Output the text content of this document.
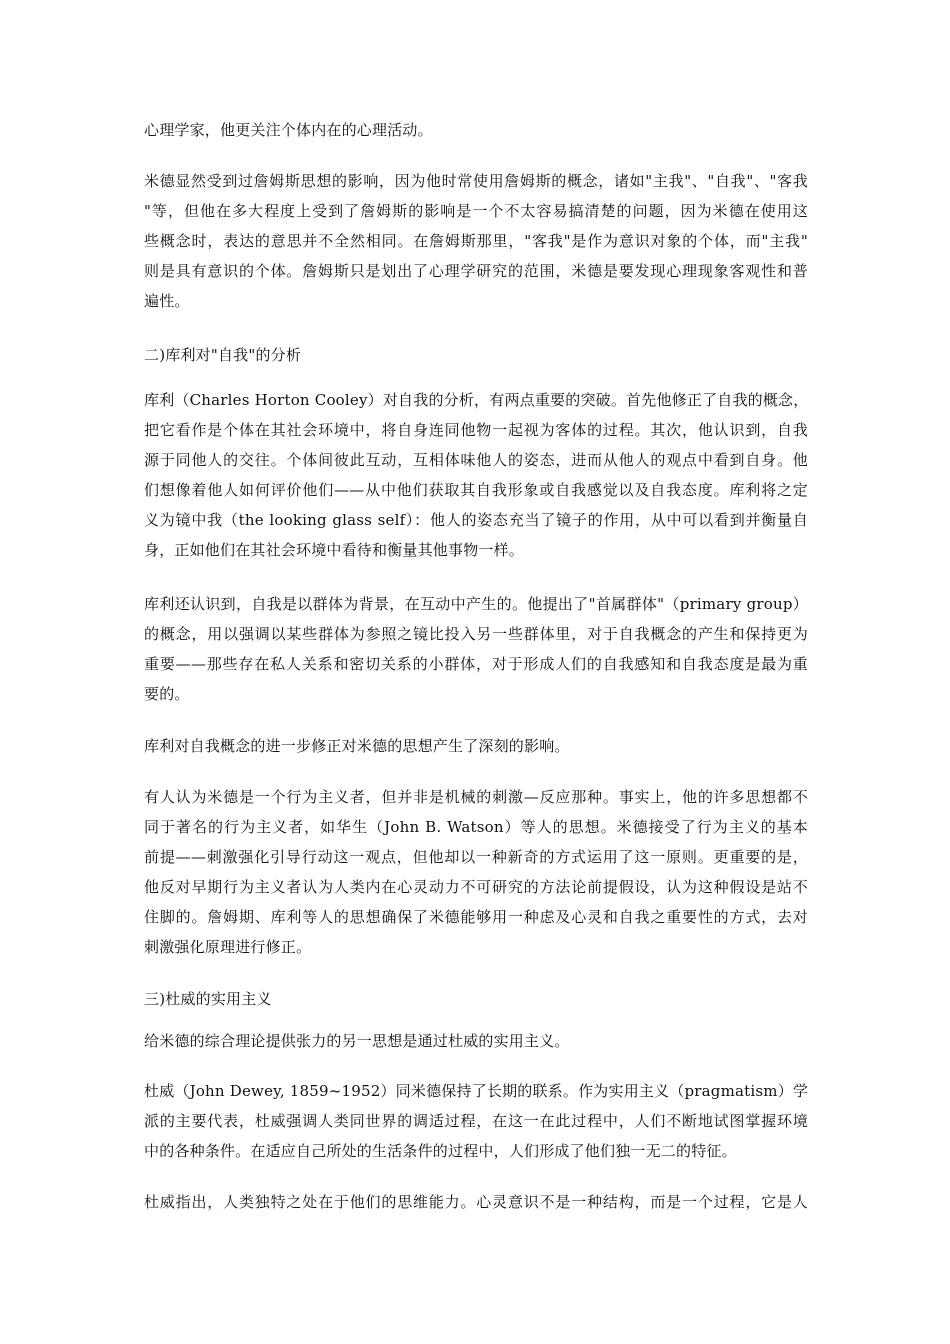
心理学家，他更关注个体内在的心理活动。
米德显然受到过詹姆斯思想的影响，因为他时常使用詹姆斯的概念，诸如"主我"、"自我"、"客我
"等，但他在多大程度上受到了詹姆斯的影响是一个不太容易搞清楚的问题，因为米德在使用这
些概念时，表达的意思并不全然相同。在詹姆斯那里，"客我"是作为意识对象的个体，而"主我"
则是具有意识的个体。詹姆斯只是划出了心理学研究的范围，米德是要发现心理现象客观性和普
遍性。
二)库利对"自我"的分析
库利（Charles Horton Cooley）对自我的分析，有两点重要的突破。首先他修正了自我的概念，
把它看作是个体在其社会环境中，将自身连同他物一起视为客体的过程。其次，他认识到，自我
源于同他人的交往。个体间彼此互动，互相体味他人的姿态，进而从他人的观点中看到自身。他
们想像着他人如何评价他们——从中他们获取其自我形象或自我感觉以及自我态度。库利将之定
义为镜中我（the looking glass self）：他人的姿态充当了镜子的作用，从中可以看到并衡量自
身，正如他们在其社会环境中看待和衡量其他事物一样。
库利还认识到，自我是以群体为背景，在互动中产生的。他提出了"首属群体"（primary group）
的概念，用以强调以某些群体为参照之镜比投入另一些群体里，对于自我概念的产生和保持更为
重要——那些存在私人关系和密切关系的小群体，对于形成人们的自我感知和自我态度是最为重
要的。
库利对自我概念的进一步修正对米德的思想产生了深刻的影响。
有人认为米德是一个行为主义者，但并非是机械的刺激—反应那种。事实上，他的许多思想都不
同于著名的行为主义者，如华生（John B. Watson）等人的思想。米德接受了行为主义的基本
前提——刺激强化引导行动这一观点，但他却以一种新奇的方式运用了这一原则。更重要的是，
他反对早期行为主义者认为人类内在心灵动力不可研究的方法论前提假设，认为这种假设是站不
住脚的。詹姆期、库利等人的思想确保了米德能够用一种虑及心灵和自我之重要性的方式，去对
刺激强化原理进行修正。
三)杜威的实用主义
给米德的综合理论提供张力的另一思想是通过杜威的实用主义。
杜威（John Dewey, 1859~1952）同米德保持了长期的联系。作为实用主义（pragmatism）学
派的主要代表，杜威强调人类同世界的调适过程，在这一在此过程中，人们不断地试图掌握环境
中的各种条件。在适应自己所处的生活条件的过程中，人们形成了他们独一无二的特征。
杜威指出，人类独特之处在于他们的思维能力。心灵意识不是一种结构，而是一个过程，它是人
